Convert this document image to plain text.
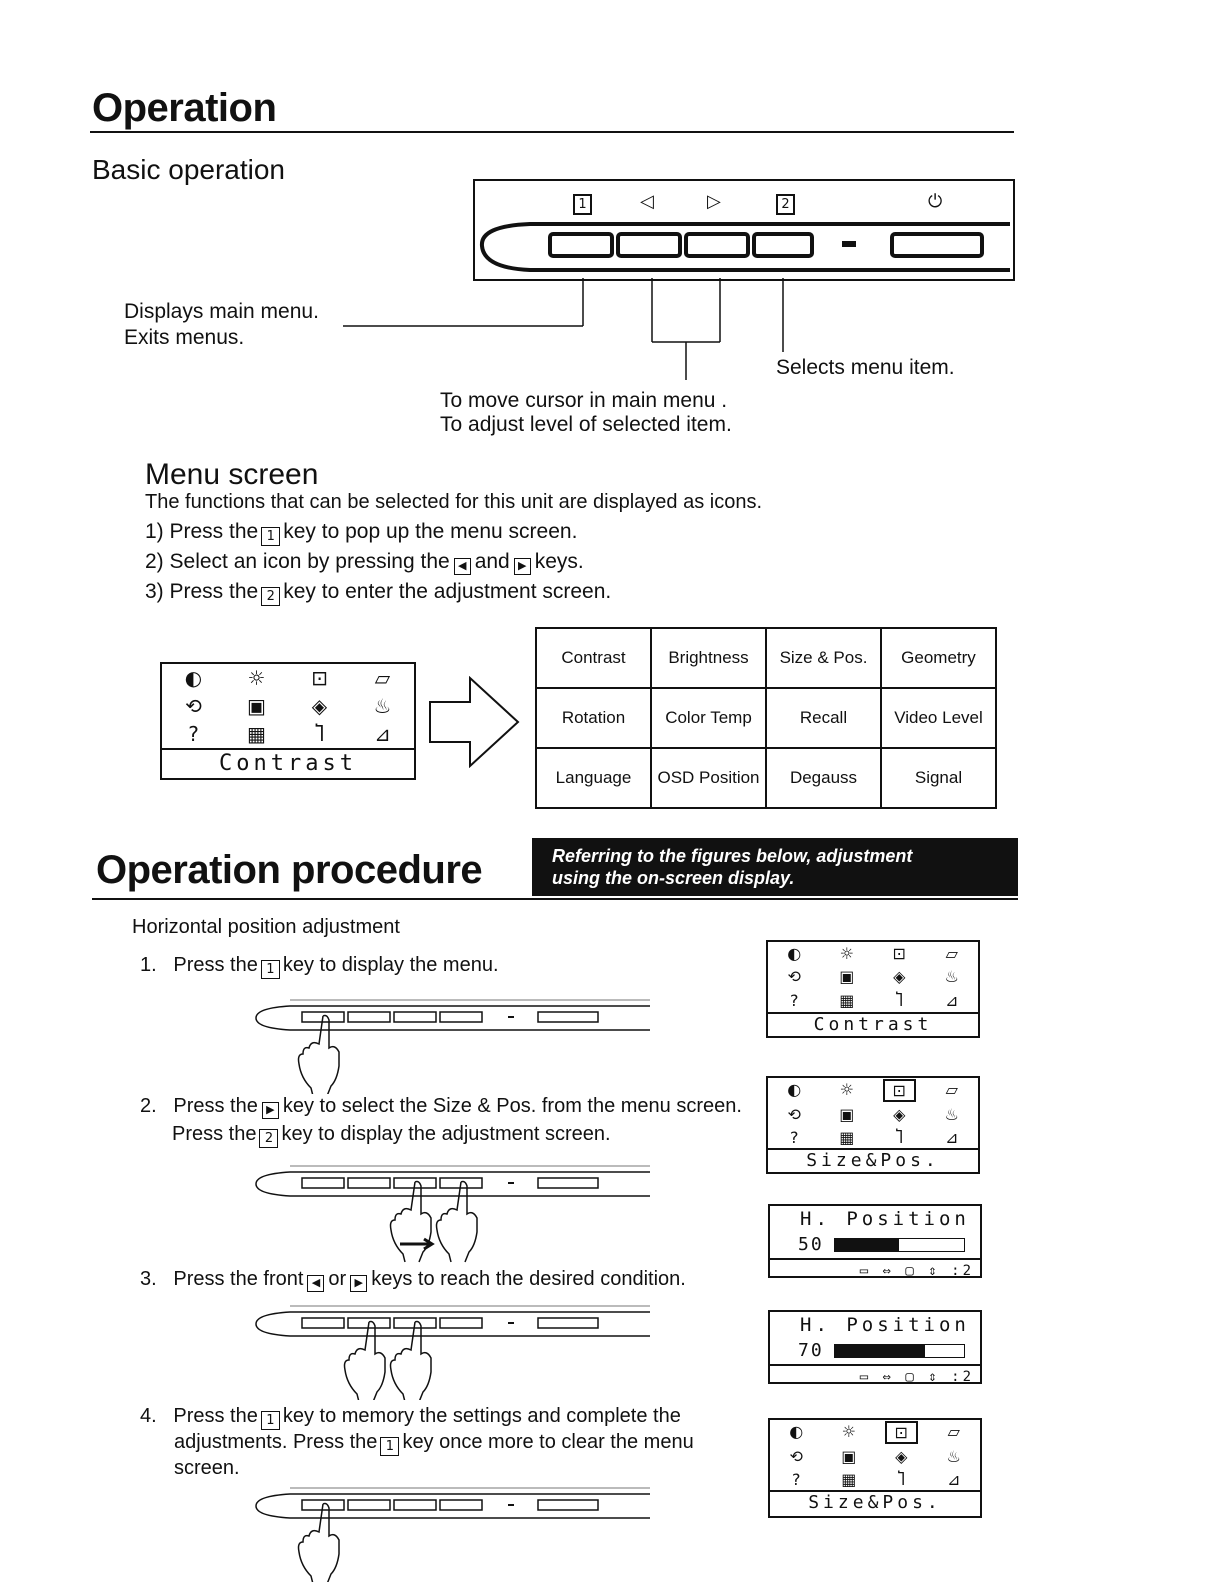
Operation
Basic operation
1	◁	▷	2	⏻
Displays main menu.
Exits menus.
Selects menu item.
To move cursor in main menu .
To adjust level of selected item.
Menu screen
The functions that can be selected for this unit are displayed as icons.
1) Press the 1 key to pop up the menu screen.
2) Select an icon by pressing the ◀ and ▶ keys.
3) Press the 2 key to enter the adjustment screen.
◐	☼	⊡	▱
⟲	▣	◈	♨
?	▦	Ⴈ	⊿
Contrast
Contrast	Brightness	Size & Pos.	Geometry
Rotation	Color Temp	Recall	Video Level
Language	OSD Position	Degauss	Signal
Operation procedure	Referring to the figures below, adjustment
using the on-screen display.
Horizontal position adjustment
1. Press the 1 key to display the menu.
2. Press the ▶ key to select the Size & Pos. from the menu screen.
Press the 2 key to display the adjustment screen.
3. Press the front ◀ or ▶ keys to reach the desired condition.
4. Press the 1 key to memory the settings and complete the
adjustments. Press the 1 key once more to clear the menu
screen.
◐	☼	⊡	▱
⟲	▣	◈	♨
?	▦	Ⴈ	⊿
Contrast
◐	☼	⊡	▱
⟲	▣	◈	♨
?	▦	Ⴈ	⊿
Size&Pos.
H. Position
50
▭ ⇔ ▢ ⇕ :2
H. Position
70
▭ ⇔ ▢ ⇕ :2
◐	☼	⊡	▱
⟲	▣	◈	♨
?	▦	Ⴈ	⊿
Size&Pos.
